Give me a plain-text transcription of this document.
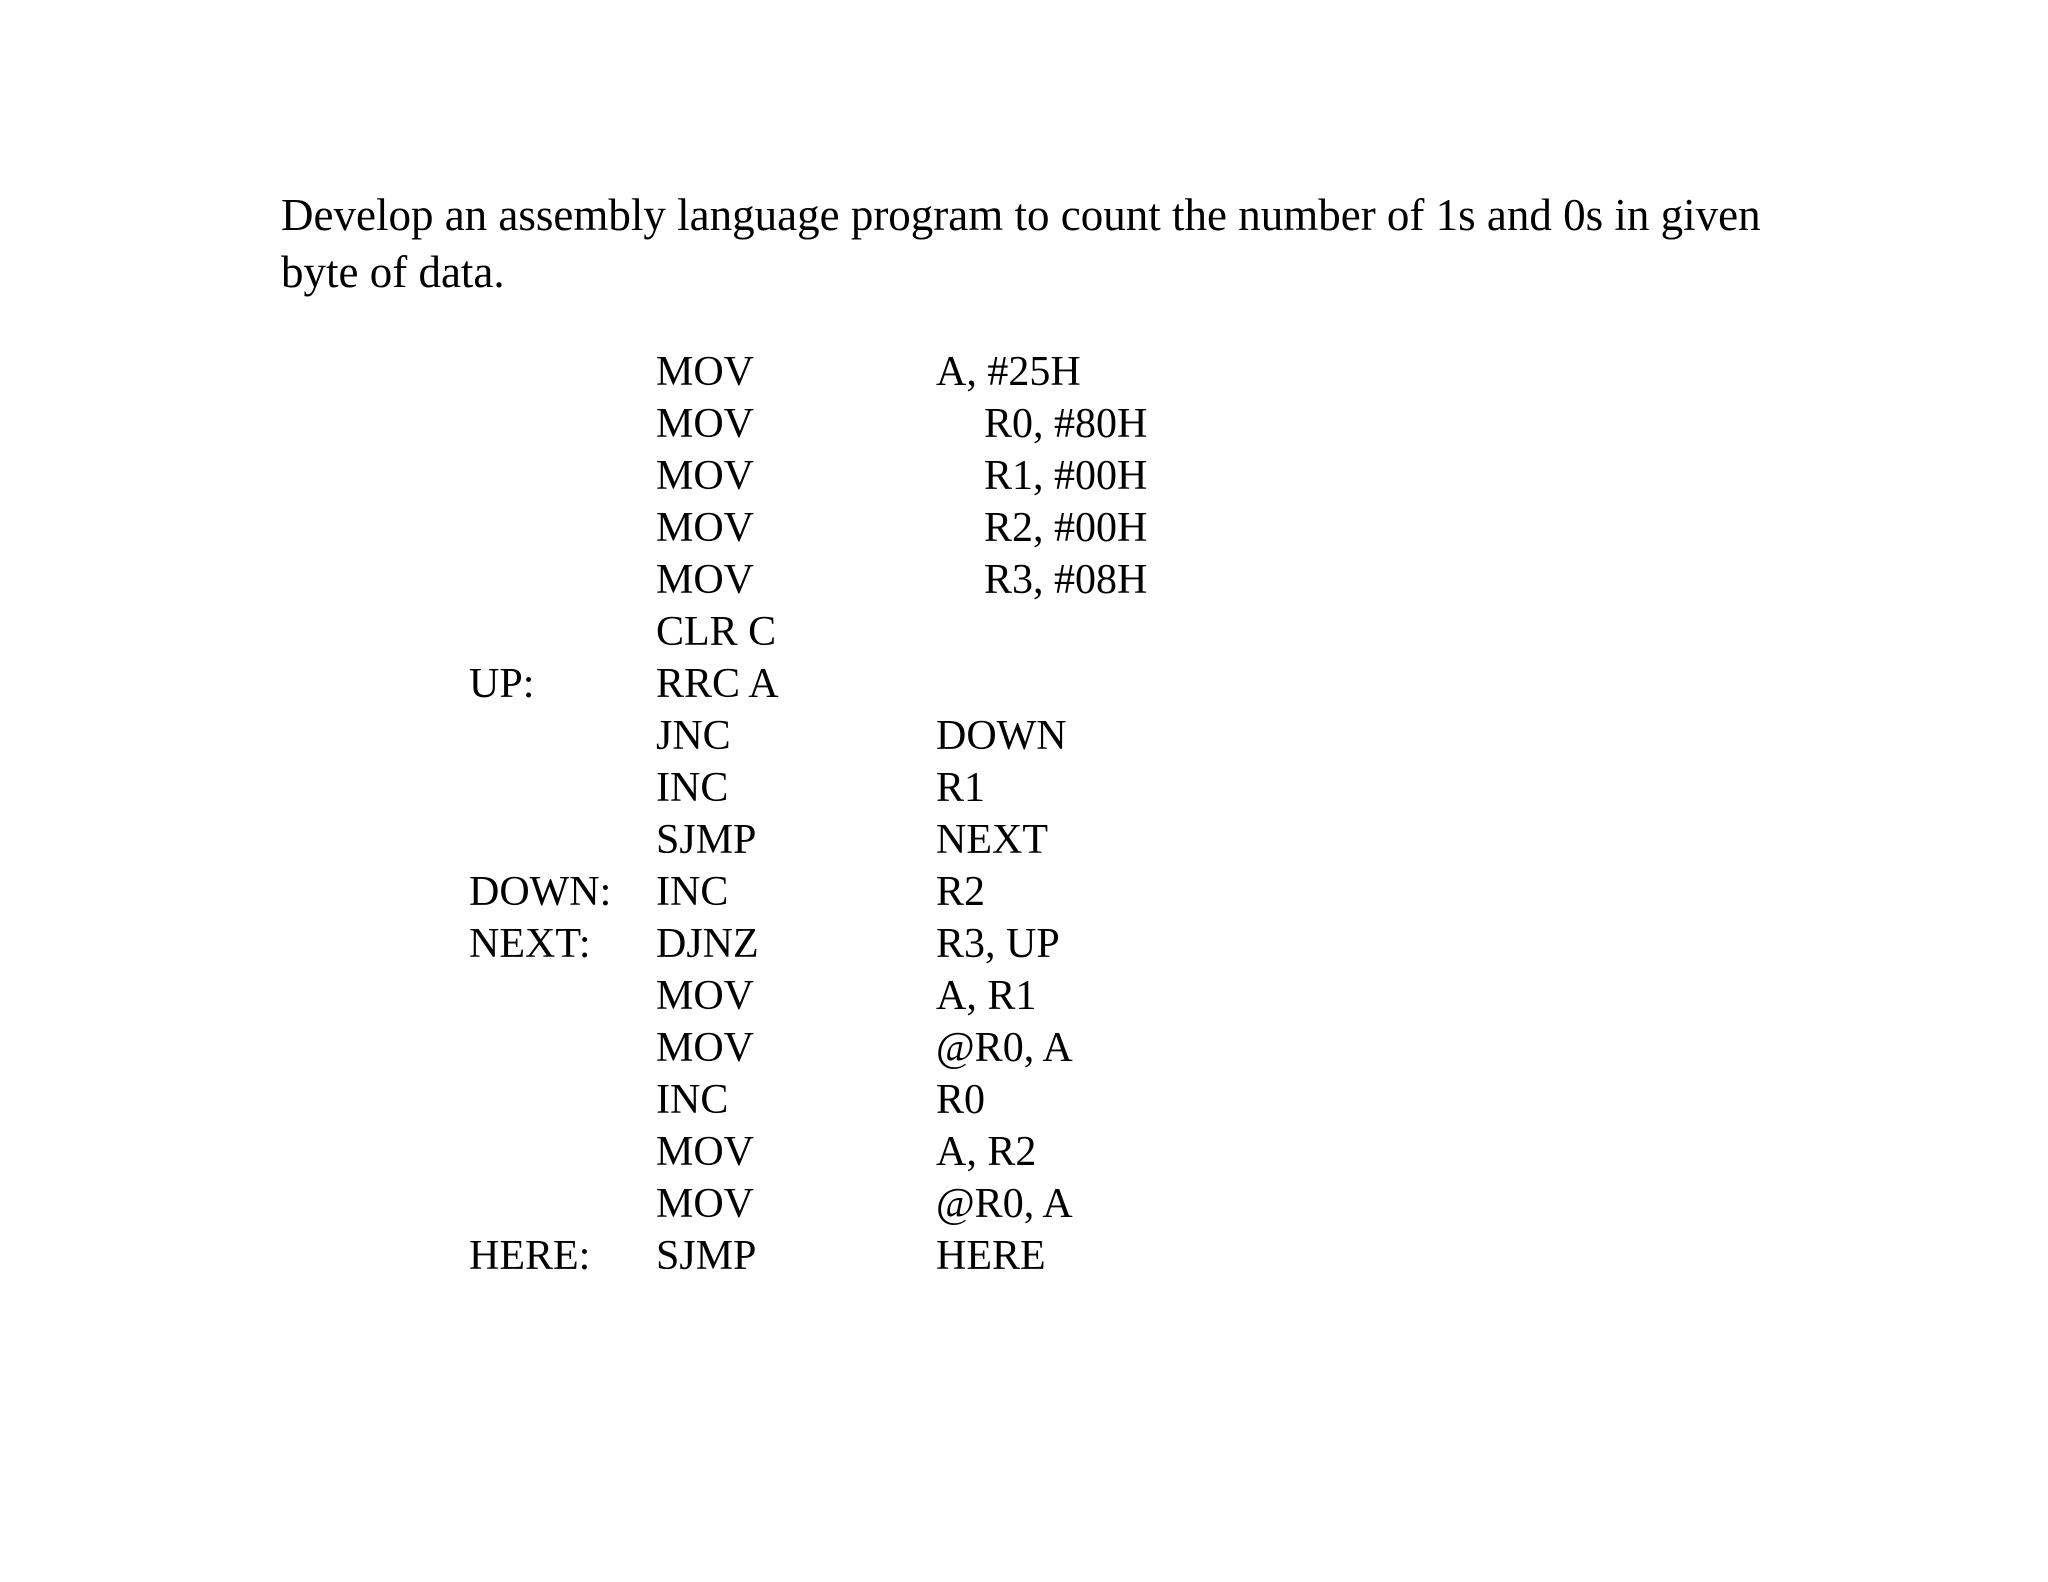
Develop an assembly language program to count the number of 1s and 0s in given byte of data.

MOV	A, #25H
MOV	R0, #80H
MOV	R1, #00H
MOV	R2, #00H
MOV	R3, #08H
CLR C
UP:	RRC A
JNC	DOWN
INC	R1
SJMP	NEXT
DOWN: INC	R2
NEXT: DJNZ	R3, UP
MOV	A, R1
MOV	@R0, A
INC	R0
MOV	A, R2
MOV	@R0, A
HERE: SJMP	HERE
